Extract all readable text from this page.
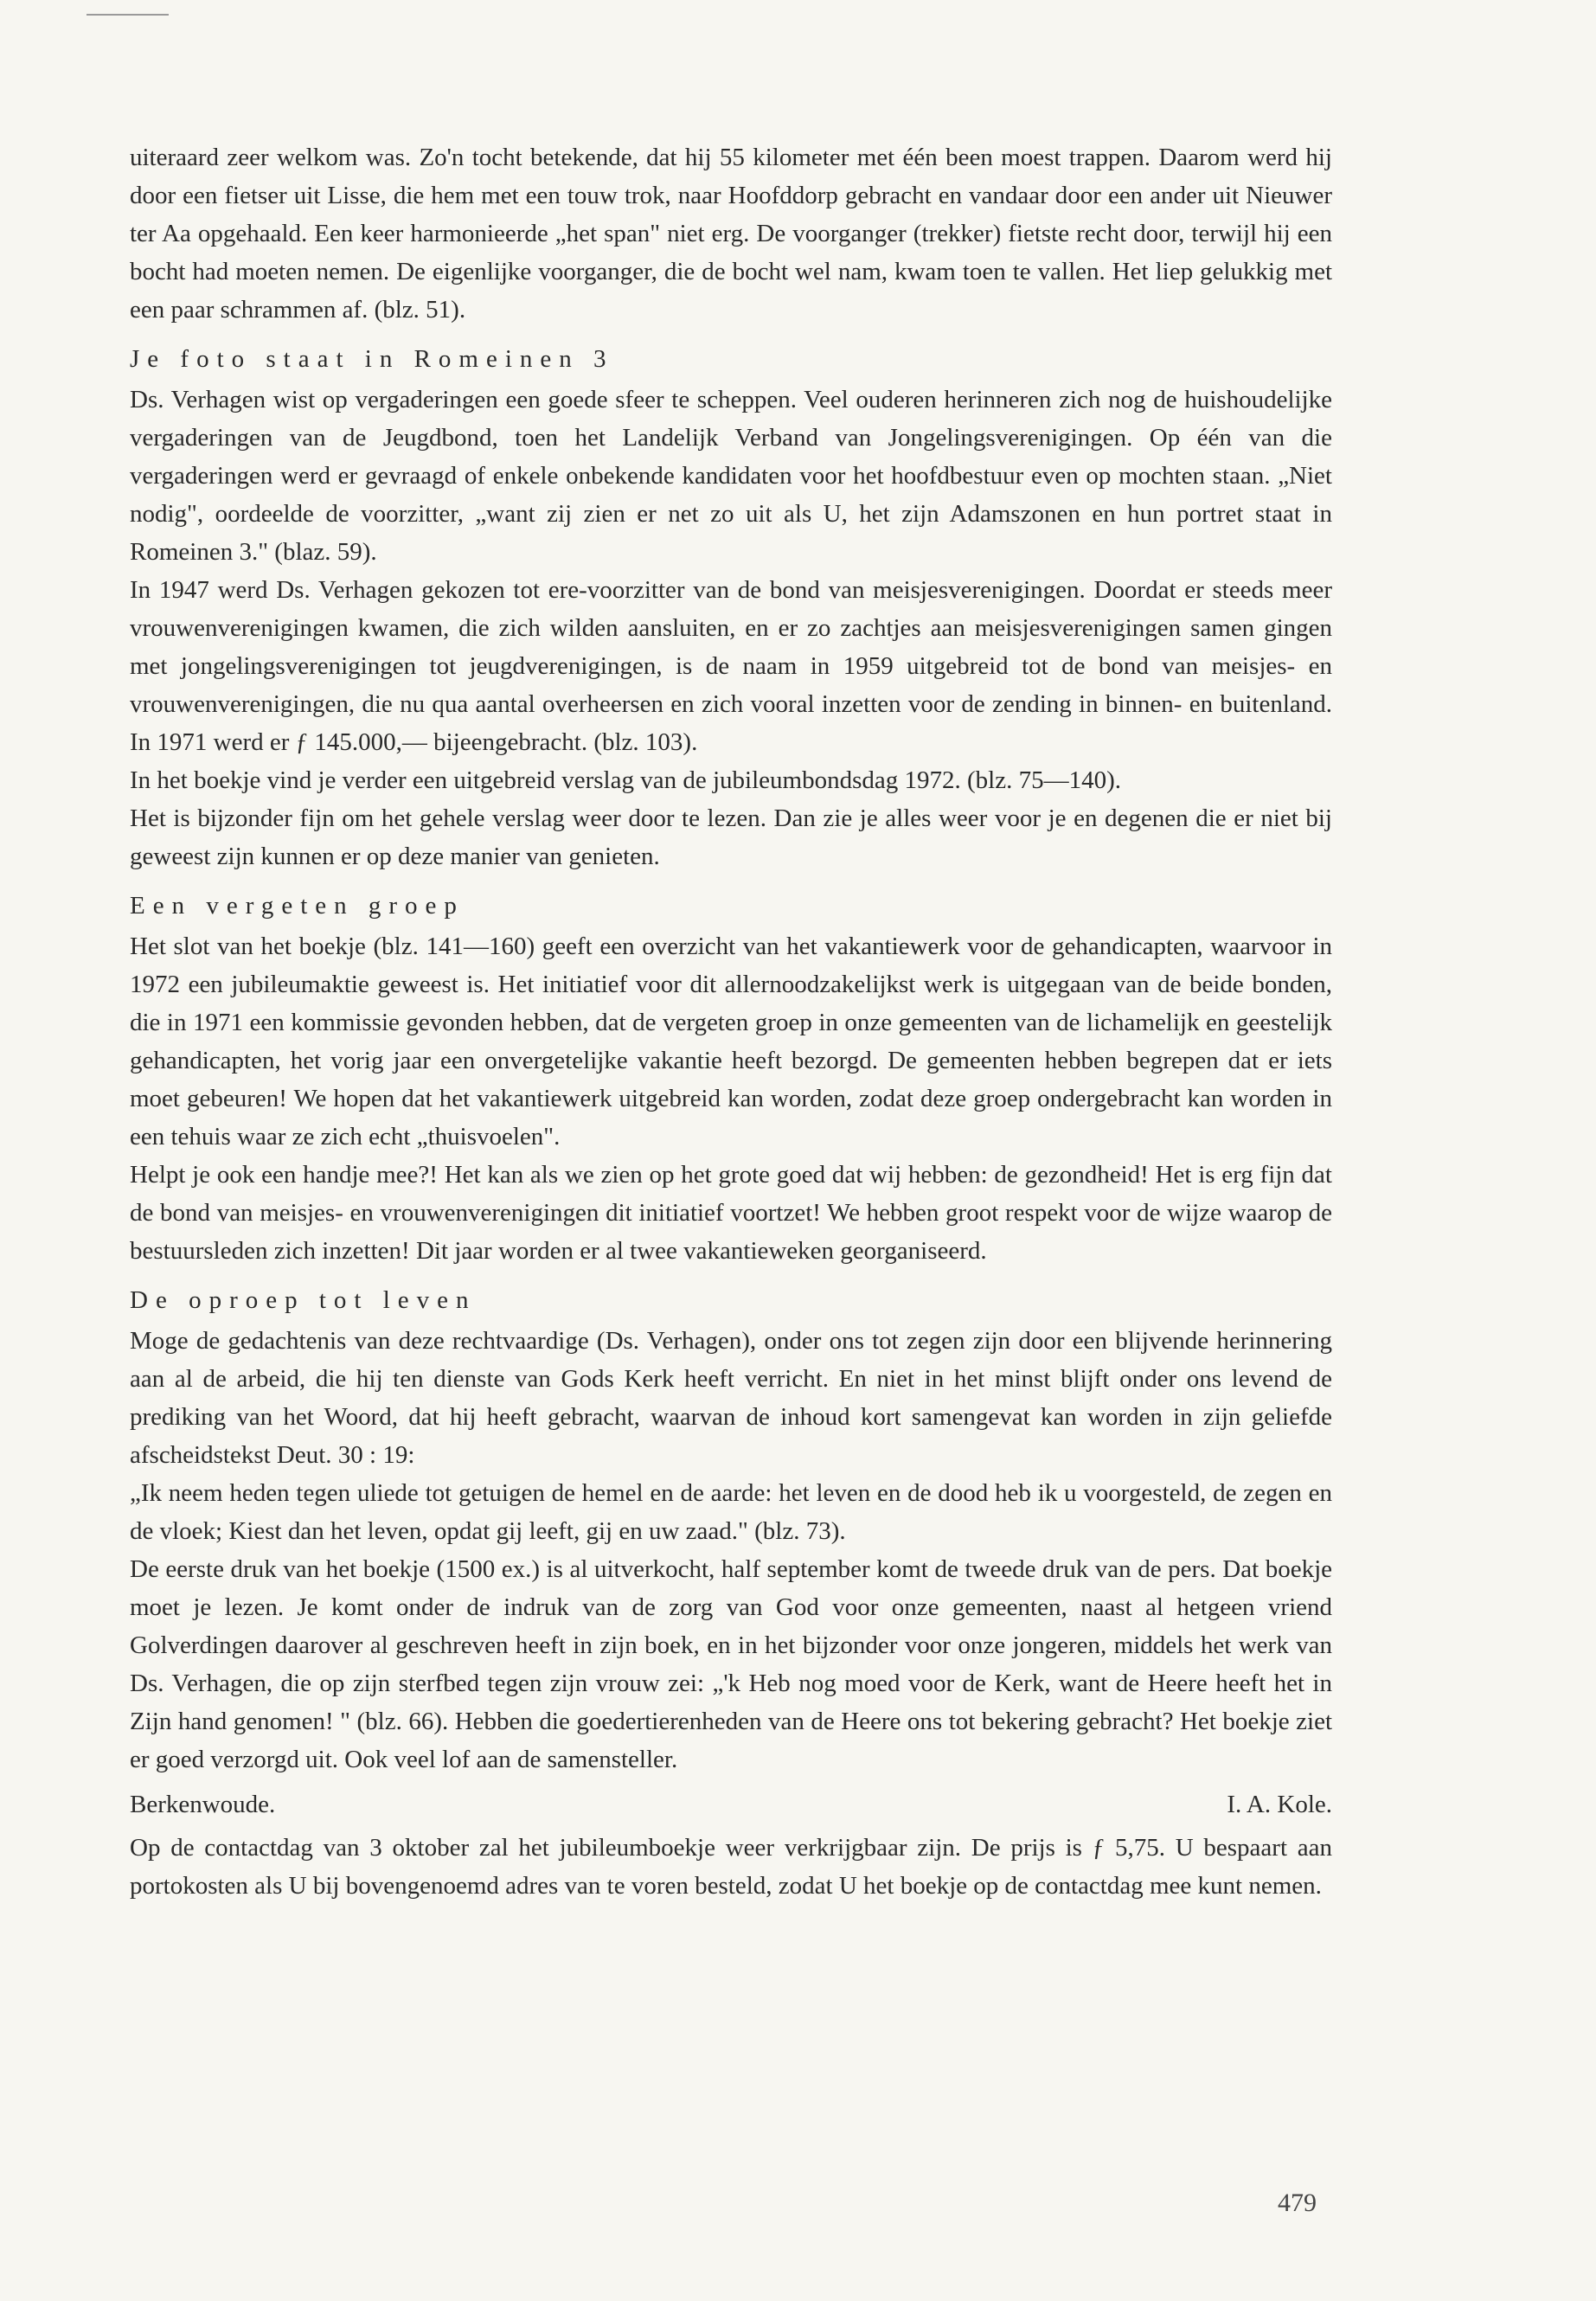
uiteraard zeer welkom was. Zo'n tocht betekende, dat hij 55 kilometer met één been moest trappen. Daarom werd hij door een fietser uit Lisse, die hem met een touw trok, naar Hoofddorp gebracht en vandaar door een ander uit Nieuwer ter Aa opgehaald. Een keer harmonieerde „het span" niet erg. De voorganger (trekker) fietste recht door, terwijl hij een bocht had moeten nemen. De eigenlijke voorganger, die de bocht wel nam, kwam toen te vallen. Het liep gelukkig met een paar schrammen af. (blz. 51).

Je foto staat in Romeinen 3

Ds. Verhagen wist op vergaderingen een goede sfeer te scheppen. Veel ouderen herinneren zich nog de huishoudelijke vergaderingen van de Jeugdbond, toen het Landelijk Verband van Jongelingsverenigingen. Op één van die vergaderingen werd er gevraagd of enkele onbekende kandidaten voor het hoofdbestuur even op mochten staan. „Niet nodig", oordeelde de voorzitter, „want zij zien er net zo uit als U, het zijn Adamszonen en hun portret staat in Romeinen 3." (blaz. 59).

In 1947 werd Ds. Verhagen gekozen tot ere-voorzitter van de bond van meisjesverenigingen. Doordat er steeds meer vrouwenverenigingen kwamen, die zich wilden aansluiten, en er zo zachtjes aan meisjesverenigingen samen gingen met jongelingsverenigingen tot jeugdverenigingen, is de naam in 1959 uitgebreid tot de bond van meisjes- en vrouwenverenigingen, die nu qua aantal overheersen en zich vooral inzetten voor de zending in binnen- en buitenland. In 1971 werd er ƒ 145.000,— bijeengebracht. (blz. 103).

In het boekje vind je verder een uitgebreid verslag van de jubileumbondsdag 1972. (blz. 75—140).

Het is bijzonder fijn om het gehele verslag weer door te lezen. Dan zie je alles weer voor je en degenen die er niet bij geweest zijn kunnen er op deze manier van genieten.

Een vergeten groep

Het slot van het boekje (blz. 141—160) geeft een overzicht van het vakantiewerk voor de gehandicapten, waarvoor in 1972 een jubileumaktie geweest is. Het initiatief voor dit allernoodzakelijkst werk is uitgegaan van de beide bonden, die in 1971 een kommissie gevonden hebben, dat de vergeten groep in onze gemeenten van de lichamelijk en geestelijk gehandicapten, het vorig jaar een onvergetelijke vakantie heeft bezorgd. De gemeenten hebben begrepen dat er iets moet gebeuren! We hopen dat het vakantiewerk uitgebreid kan worden, zodat deze groep ondergebracht kan worden in een tehuis waar ze zich echt „thuisvoelen".

Helpt je ook een handje mee?! Het kan als we zien op het grote goed dat wij hebben: de gezondheid! Het is erg fijn dat de bond van meisjes- en vrouwenverenigingen dit initiatief voortzet! We hebben groot respekt voor de wijze waarop de bestuursleden zich inzetten! Dit jaar worden er al twee vakantieweken georganiseerd.

De oproep tot leven

Moge de gedachtenis van deze rechtvaardige (Ds. Verhagen), onder ons tot zegen zijn door een blijvende herinnering aan al de arbeid, die hij ten dienste van Gods Kerk heeft verricht. En niet in het minst blijft onder ons levend de prediking van het Woord, dat hij heeft gebracht, waarvan de inhoud kort samengevat kan worden in zijn geliefde afscheidstekst Deut. 30 : 19:

„Ik neem heden tegen uliede tot getuigen de hemel en de aarde: het leven en de dood heb ik u voorgesteld, de zegen en de vloek; Kiest dan het leven, opdat gij leeft, gij en uw zaad." (blz. 73).

De eerste druk van het boekje (1500 ex.) is al uitverkocht, half september komt de tweede druk van de pers. Dat boekje moet je lezen. Je komt onder de indruk van de zorg van God voor onze gemeenten, naast al hetgeen vriend Golverdingen daarover al geschreven heeft in zijn boek, en in het bijzonder voor onze jongeren, middels het werk van Ds. Verhagen, die op zijn sterfbed tegen zijn vrouw zei: „'k Heb nog moed voor de Kerk, want de Heere heeft het in Zijn hand genomen! " (blz. 66). Hebben die goedertierenheden van de Heere ons tot bekering gebracht? Het boekje ziet er goed verzorgd uit. Ook veel lof aan de samensteller.

Berkenwoude.	I. A. Kole.

Op de contactdag van 3 oktober zal het jubileumboekje weer verkrijgbaar zijn. De prijs is ƒ 5,75. U bespaart aan portokosten als U bij bovengenoemd adres van te voren besteld, zodat U het boekje op de contactdag mee kunt nemen.

479
